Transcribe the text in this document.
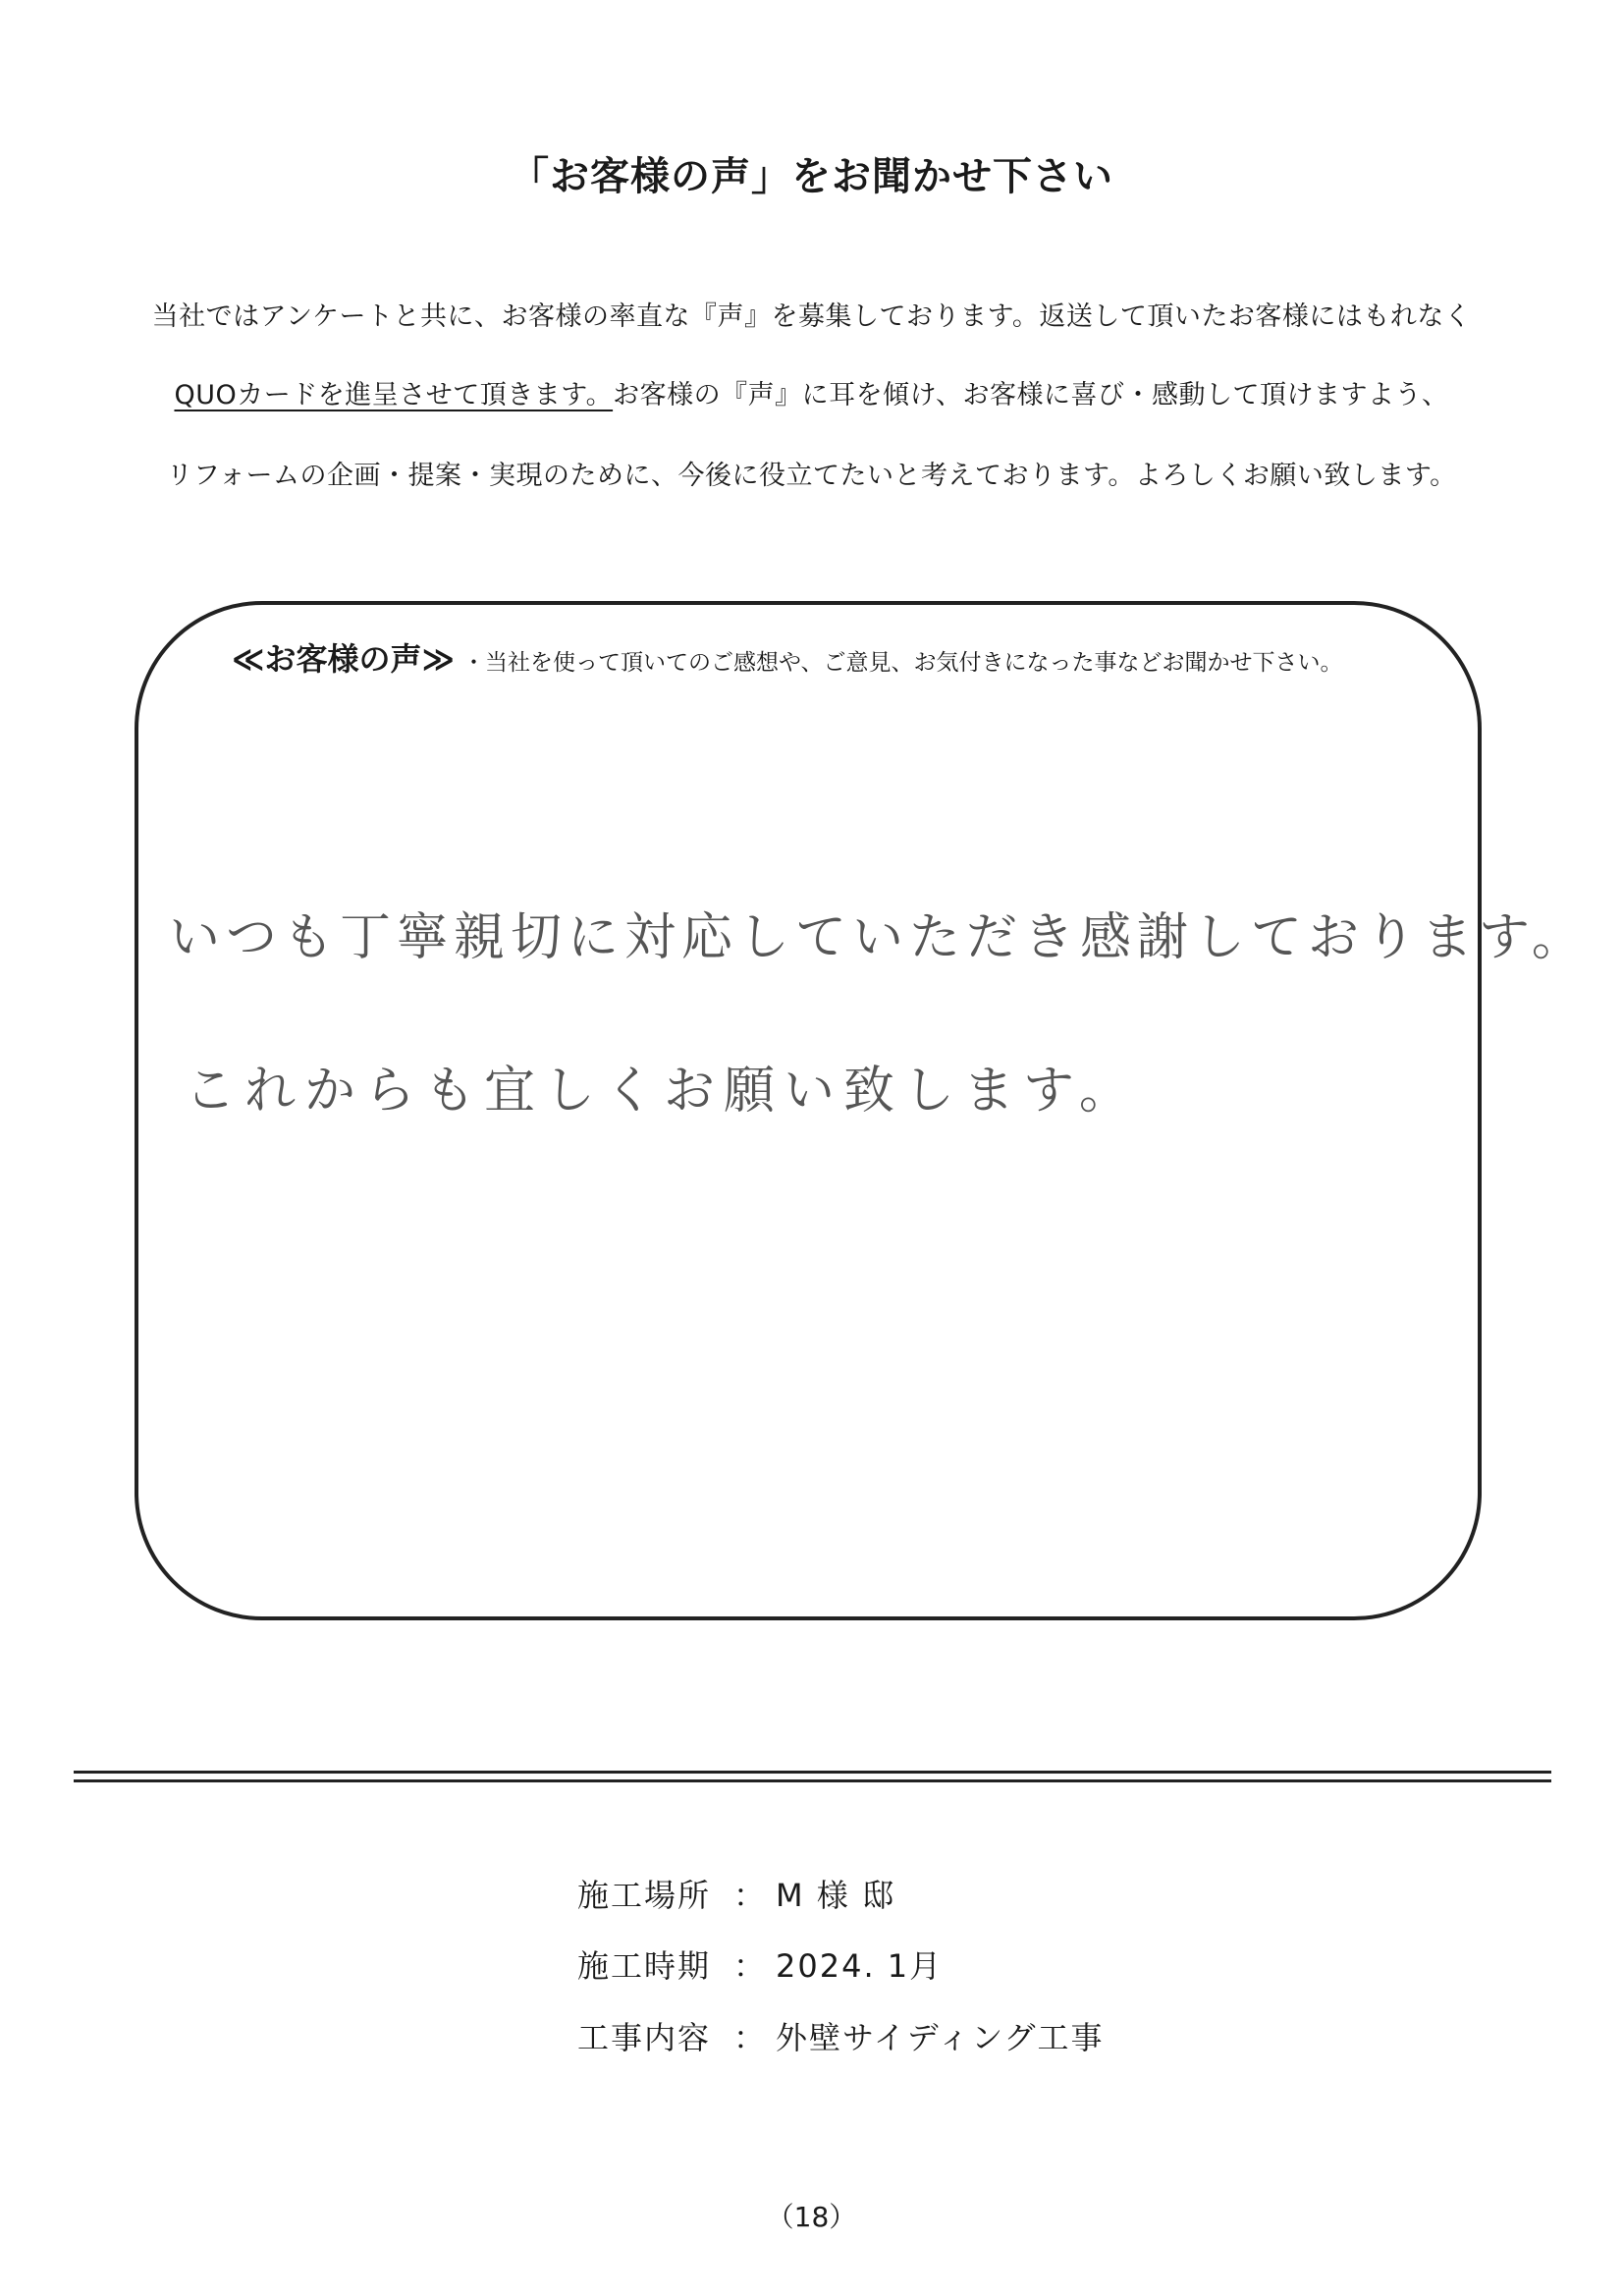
「お客様の声」をお聞かせ下さい
当社ではアンケートと共に、お客様の率直な『声』を募集しております。返送して頂いたお客様にはもれなく
QUOカードを進呈させて頂きます。お客様の『声』に耳を傾け、お客様に喜び・感動して頂けますよう、
リフォームの企画・提案・実現のために、今後に役立てたいと考えております。よろしくお願い致します。
≪お客様の声≫ ・当社を使って頂いてのご感想や、ご意見、お気付きになった事などお聞かせ下さい。
いつも丁寧親切に対応していただき感謝しております。
これからも宜しくお願い致します。
施工場所 ： M 様 邸
施工時期 ： 2024. 1月
工事内容 ： 外壁サイディング工事
（18）
